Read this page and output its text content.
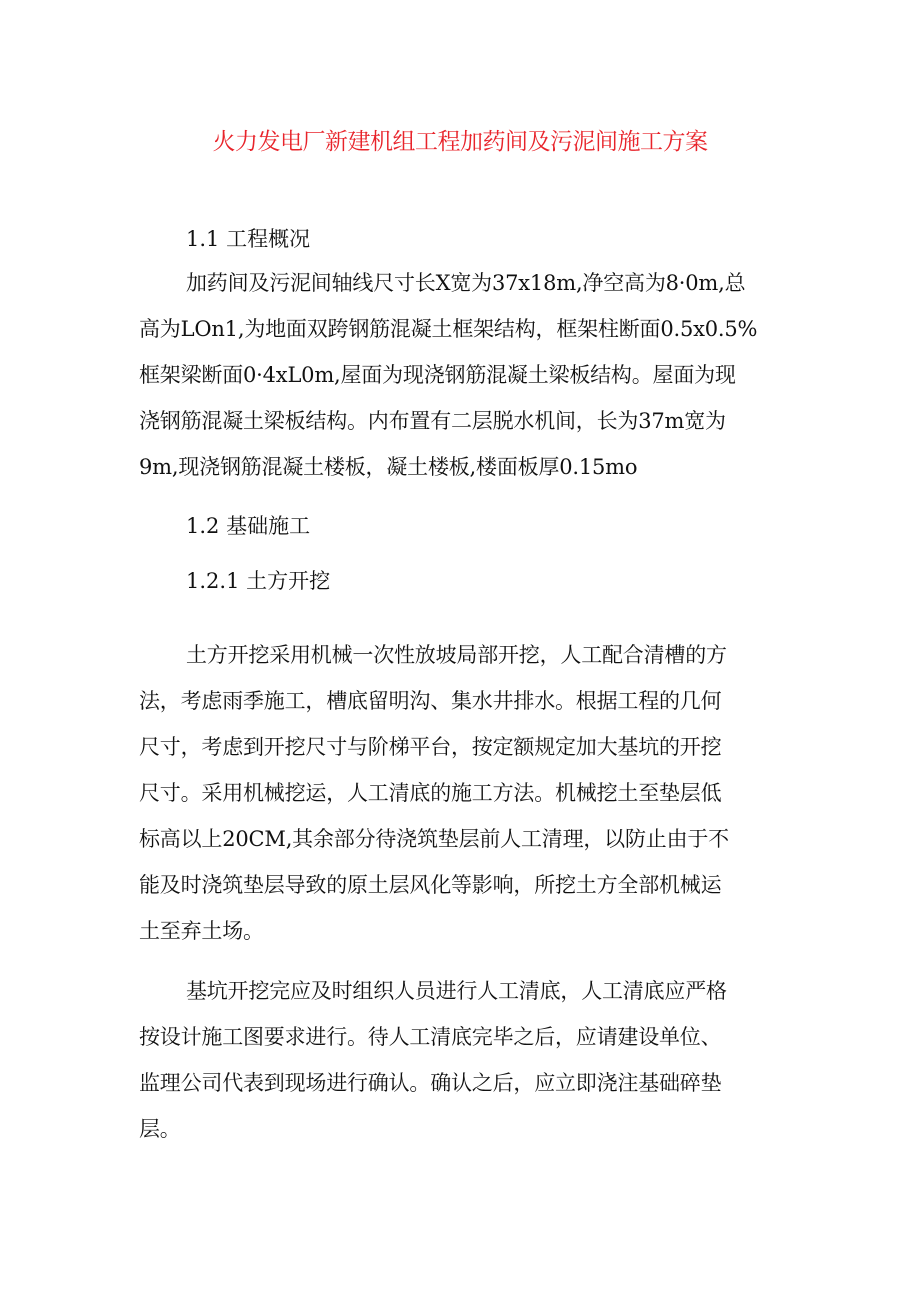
火力发电厂新建机组工程加药间及污泥间施工方案
1.1 工程概况
加药间及污泥间轴线尺寸长X宽为37x18m,净空高为8·0m,总
高为LOn1,为地面双跨钢筋混凝土框架结构，框架柱断面0.5x0.5%
框架梁断面0·4xL0m,屋面为现浇钢筋混凝土梁板结构。屋面为现
浇钢筋混凝土梁板结构。内布置有二层脱水机间，长为37m宽为
9m,现浇钢筋混凝土楼板，凝土楼板,楼面板厚0.15mo
1.2 基础施工
1.2.1 土方开挖
土方开挖采用机械一次性放坡局部开挖，人工配合清槽的方
法，考虑雨季施工，槽底留明沟、集水井排水。根据工程的几何
尺寸，考虑到开挖尺寸与阶梯平台，按定额规定加大基坑的开挖
尺寸。采用机械挖运，人工清底的施工方法。机械挖土至垫层低
标高以上20CM,其余部分待浇筑垫层前人工清理，以防止由于不
能及时浇筑垫层导致的原土层风化等影响，所挖土方全部机械运
土至弃土场。
基坑开挖完应及时组织人员进行人工清底，人工清底应严格
按设计施工图要求进行。待人工清底完毕之后，应请建设单位、
监理公司代表到现场进行确认。确认之后，应立即浇注基础碎垫
层。
